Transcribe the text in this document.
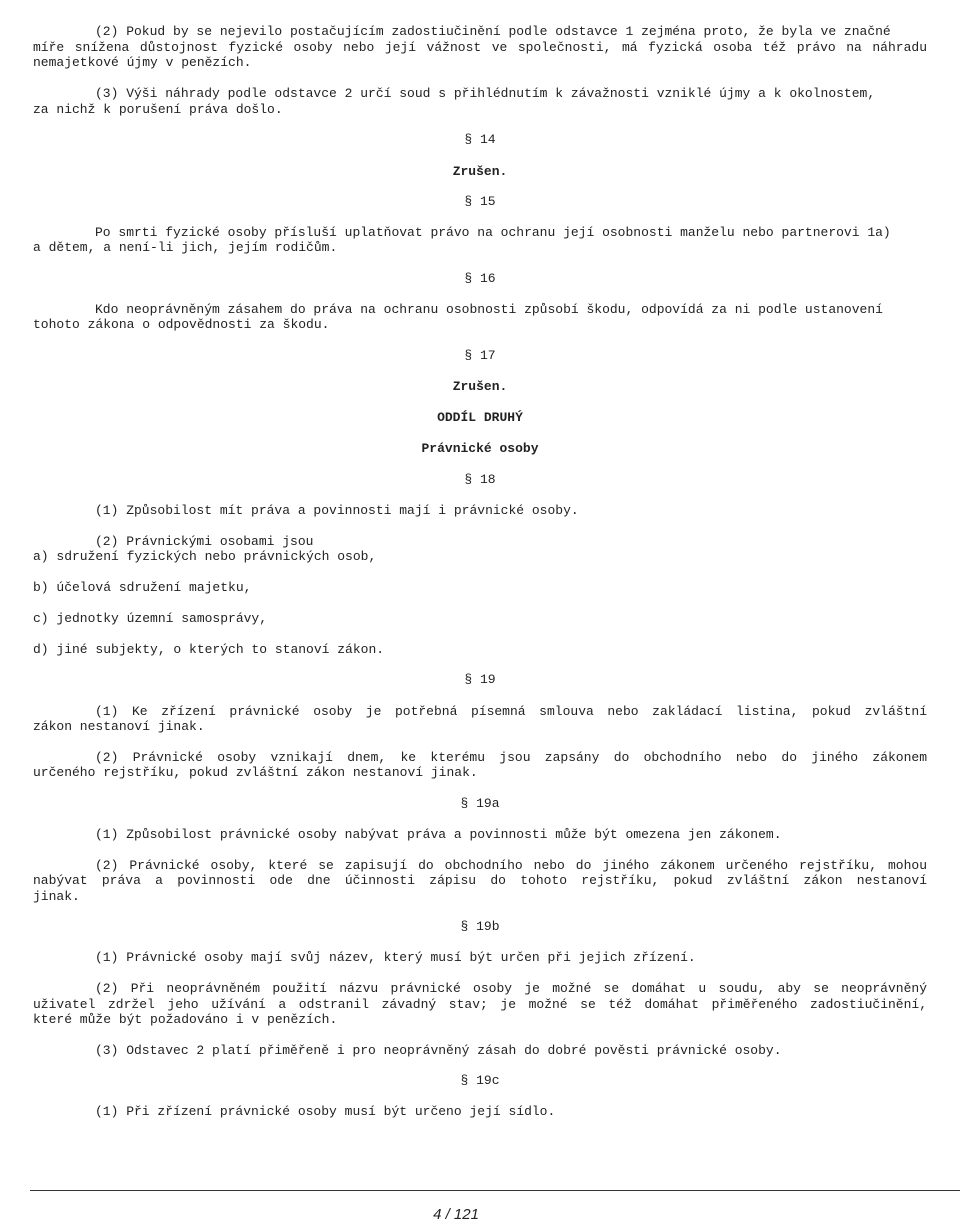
(2) Pokud by se nejevilo postačujícím zadostiučinění podle odstavce 1 zejména proto, že byla ve značné
míře snížena důstojnost fyzické osoby nebo její vážnost ve společnosti, má fyzická osoba též právo na náhradu
nemajetkové újmy v penězích.
(3) Výši náhrady podle odstavce 2 určí soud s přihlédnutím k závažnosti vzniklé újmy a k okolnostem,
za nichž k porušení práva došlo.
§ 14
Zrušen.
§ 15
Po smrti fyzické osoby přísluší uplatňovat právo na ochranu její osobnosti manželu nebo partnerovi 1a)
a dětem, a není-li jich, jejím rodičům.
§ 16
Kdo neoprávněným zásahem do práva na ochranu osobnosti způsobí škodu, odpovídá za ni podle ustanovení
tohoto zákona o odpovědnosti za škodu.
§ 17
Zrušen.
ODDÍL DRUHÝ
Právnické osoby
§ 18
(1) Způsobilost mít práva a povinnosti mají i právnické osoby.
(2) Právnickými osobami jsou
a) sdružení fyzických nebo právnických osob,
b) účelová sdružení majetku,
c) jednotky územní samosprávy,
d) jiné subjekty, o kterých to stanoví zákon.
§ 19
(1) Ke zřízení právnické osoby je potřebná písemná smlouva nebo zakládací listina, pokud zvláštní
zákon nestanoví jinak.
(2) Právnické osoby vznikají dnem, ke kterému jsou zapsány do obchodního nebo do jiného zákonem
určeného rejstříku, pokud zvláštní zákon nestanoví jinak.
§ 19a
(1) Způsobilost právnické osoby nabývat práva a povinnosti může být omezena jen zákonem.
(2) Právnické osoby, které se zapisují do obchodního nebo do jiného zákonem určeného rejstříku, mohou
nabývat práva a povinnosti ode dne účinnosti zápisu do tohoto rejstříku, pokud zvláštní zákon nestanoví
jinak.
§ 19b
(1) Právnické osoby mají svůj název, který musí být určen při jejich zřízení.
(2) Při neoprávněném použití názvu právnické osoby je možné se domáhat u soudu, aby se neoprávněný
uživatel zdržel jeho užívání a odstranil závadný stav; je možné se též domáhat přiměřeného zadostiučinění,
které může být požadováno i v penězích.
(3) Odstavec 2 platí přiměřeně i pro neoprávněný zásah do dobré pověsti právnické osoby.
§ 19c
(1) Při zřízení právnické osoby musí být určeno její sídlo.
4 / 121
